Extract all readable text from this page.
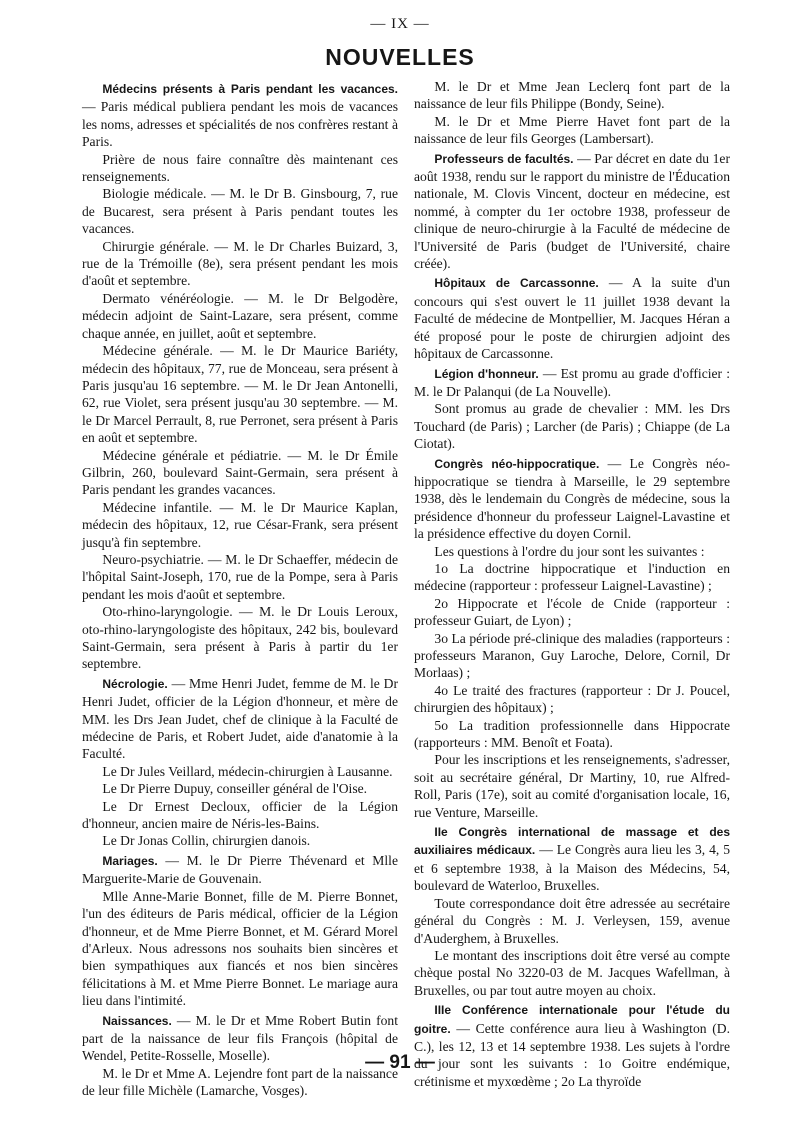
— IX —
NOUVELLES

Médecins présents à Paris pendant les vacances. — Paris médical publiera pendant les mois de vacances les noms, adresses et spécialités de nos confrères restant à Paris.

Prière de nous faire connaître dès maintenant ces renseignements.

Biologie médicale. — M. le Dr B. Ginsbourg, 7, rue de Bucarest, sera présent à Paris pendant toutes les vacances.

Chirurgie générale. — M. le Dr Charles Buizard, 3, rue de la Trémoille (8e), sera présent pendant les mois d'août et septembre.

Dermato vénéréologie. — M. le Dr Belgodère, médecin adjoint de Saint-Lazare, sera présent, comme chaque année, en juillet, août et septembre.

Médecine générale. — M. le Dr Maurice Bariéty, médecin des hôpitaux, 77, rue de Monceau, sera présent à Paris jusqu'au 16 septembre. — M. le Dr Jean Antonelli, 62, rue Violet, sera présent jusqu'au 30 septembre. — M. le Dr Marcel Perrault, 8, rue Perronet, sera présent à Paris en août et septembre.

Médecine générale et pédiatrie. — M. le Dr Émile Gilbrin, 260, boulevard Saint-Germain, sera présent à Paris pendant les grandes vacances.

Médecine infantile. — M. le Dr Maurice Kaplan, médecin des hôpitaux, 12, rue César-Frank, sera présent jusqu'à fin septembre.

Neuro-psychiatrie. — M. le Dr Schaeffer, médecin de l'hôpital Saint-Joseph, 170, rue de la Pompe, sera à Paris pendant les mois d'août et septembre.

Oto-rhino-laryngologie. — M. le Dr Louis Leroux, oto-rhino-laryngologiste des hôpitaux, 242 bis, boulevard Saint-Germain, sera présent à Paris à partir du 1er septembre.

Nécrologie. — Mme Henri Judet, femme de M. le Dr Henri Judet, officier de la Légion d'honneur, et mère de MM. les Drs Jean Judet, chef de clinique à la Faculté de médecine de Paris, et Robert Judet, aide d'anatomie à la Faculté.

Le Dr Jules Veillard, médecin-chirurgien à Lausanne.

Le Dr Pierre Dupuy, conseiller général de l'Oise.

Le Dr Ernest Decloux, officier de la Légion d'honneur, ancien maire de Néris-les-Bains.

Le Dr Jonas Collin, chirurgien danois.

Mariages. — M. le Dr Pierre Thévenard et Mlle Marguerite-Marie de Gouvenain.

Mlle Anne-Marie Bonnet, fille de M. Pierre Bonnet, l'un des éditeurs de Paris médical, officier de la Légion d'honneur, et de Mme Pierre Bonnet, et M. Gérard Morel d'Arleux. Nous adressons nos souhaits bien sincères et bien sympathiques aux fiancés et nos bien sincères félicitations à M. et Mme Pierre Bonnet. Le mariage aura lieu dans l'intimité.

Naissances. — M. le Dr et Mme Robert Butin font part de la naissance de leur fils François (hôpital de Wendel, Petite-Rosselle, Moselle).

M. le Dr et Mme A. Lejendre font part de la naissance de leur fille Michèle (Lamarche, Vosges).

M. le Dr et Mme Jean Leclerq font part de la naissance de leur fils Philippe (Bondy, Seine).

M. le Dr et Mme Pierre Havet font part de la naissance de leur fils Georges (Lambersart).

Professeurs de facultés. — Par décret en date du 1er août 1938, rendu sur le rapport du ministre de l'Éducation nationale, M. Clovis Vincent, docteur en médecine, est nommé, à compter du 1er octobre 1938, professeur de clinique de neuro-chirurgie à la Faculté de médecine de l'Université de Paris (budget de l'Université, chaire créée).

Hôpitaux de Carcassonne. — A la suite d'un concours qui s'est ouvert le 11 juillet 1938 devant la Faculté de médecine de Montpellier, M. Jacques Héran a été proposé pour le poste de chirurgien adjoint des hôpitaux de Carcassonne.

Légion d'honneur. — Est promu au grade d'officier : M. le Dr Palanqui (de La Nouvelle).

Sont promus au grade de chevalier : MM. les Drs Touchard (de Paris) ; Larcher (de Paris) ; Chiappe (de La Ciotat).

Congrès néo-hippocratique. — Le Congrès néo-hippocratique se tiendra à Marseille, le 29 septembre 1938, dès le lendemain du Congrès de médecine, sous la présidence d'honneur du professeur Laignel-Lavastine et la présidence effective du doyen Cornil.

Les questions à l'ordre du jour sont les suivantes :

1o La doctrine hippocratique et l'induction en médecine (rapporteur : professeur Laignel-Lavastine) ;

2o Hippocrate et l'école de Cnide (rapporteur : professeur Guiart, de Lyon) ;

3o La période pré-clinique des maladies (rapporteurs : professeurs Maranon, Guy Laroche, Delore, Cornil, Dr Morlaas) ;

4o Le traité des fractures (rapporteur : Dr J. Poucel, chirurgien des hôpitaux) ;

5o La tradition professionnelle dans Hippocrate (rapporteurs : MM. Benoît et Foata).

Pour les inscriptions et les renseignements, s'adresser, soit au secrétaire général, Dr Martiny, 10, rue Alfred-Roll, Paris (17e), soit au comité d'organisation locale, 16, rue Venture, Marseille.

IIe Congrès international de massage et des auxiliaires médicaux. — Le Congrès aura lieu les 3, 4, 5 et 6 septembre 1938, à la Maison des Médecins, 54, boulevard de Waterloo, Bruxelles.

Toute correspondance doit être adressée au secrétaire général du Congrès : M. J. Verleysen, 159, avenue d'Auderghem, à Bruxelles.

Le montant des inscriptions doit être versé au compte chèque postal No 3220-03 de M. Jacques Wafellman, à Bruxelles, ou par tout autre moyen au choix.

IIIe Conférence internationale pour l'étude du goitre. — Cette conférence aura lieu à Washington (D. C.), les 12, 13 et 14 septembre 1938. Les sujets à l'ordre du jour sont les suivants : 1o Goitre endémique, crétinisme et myxœdème ; 2o La thyroïde

— 91 —
